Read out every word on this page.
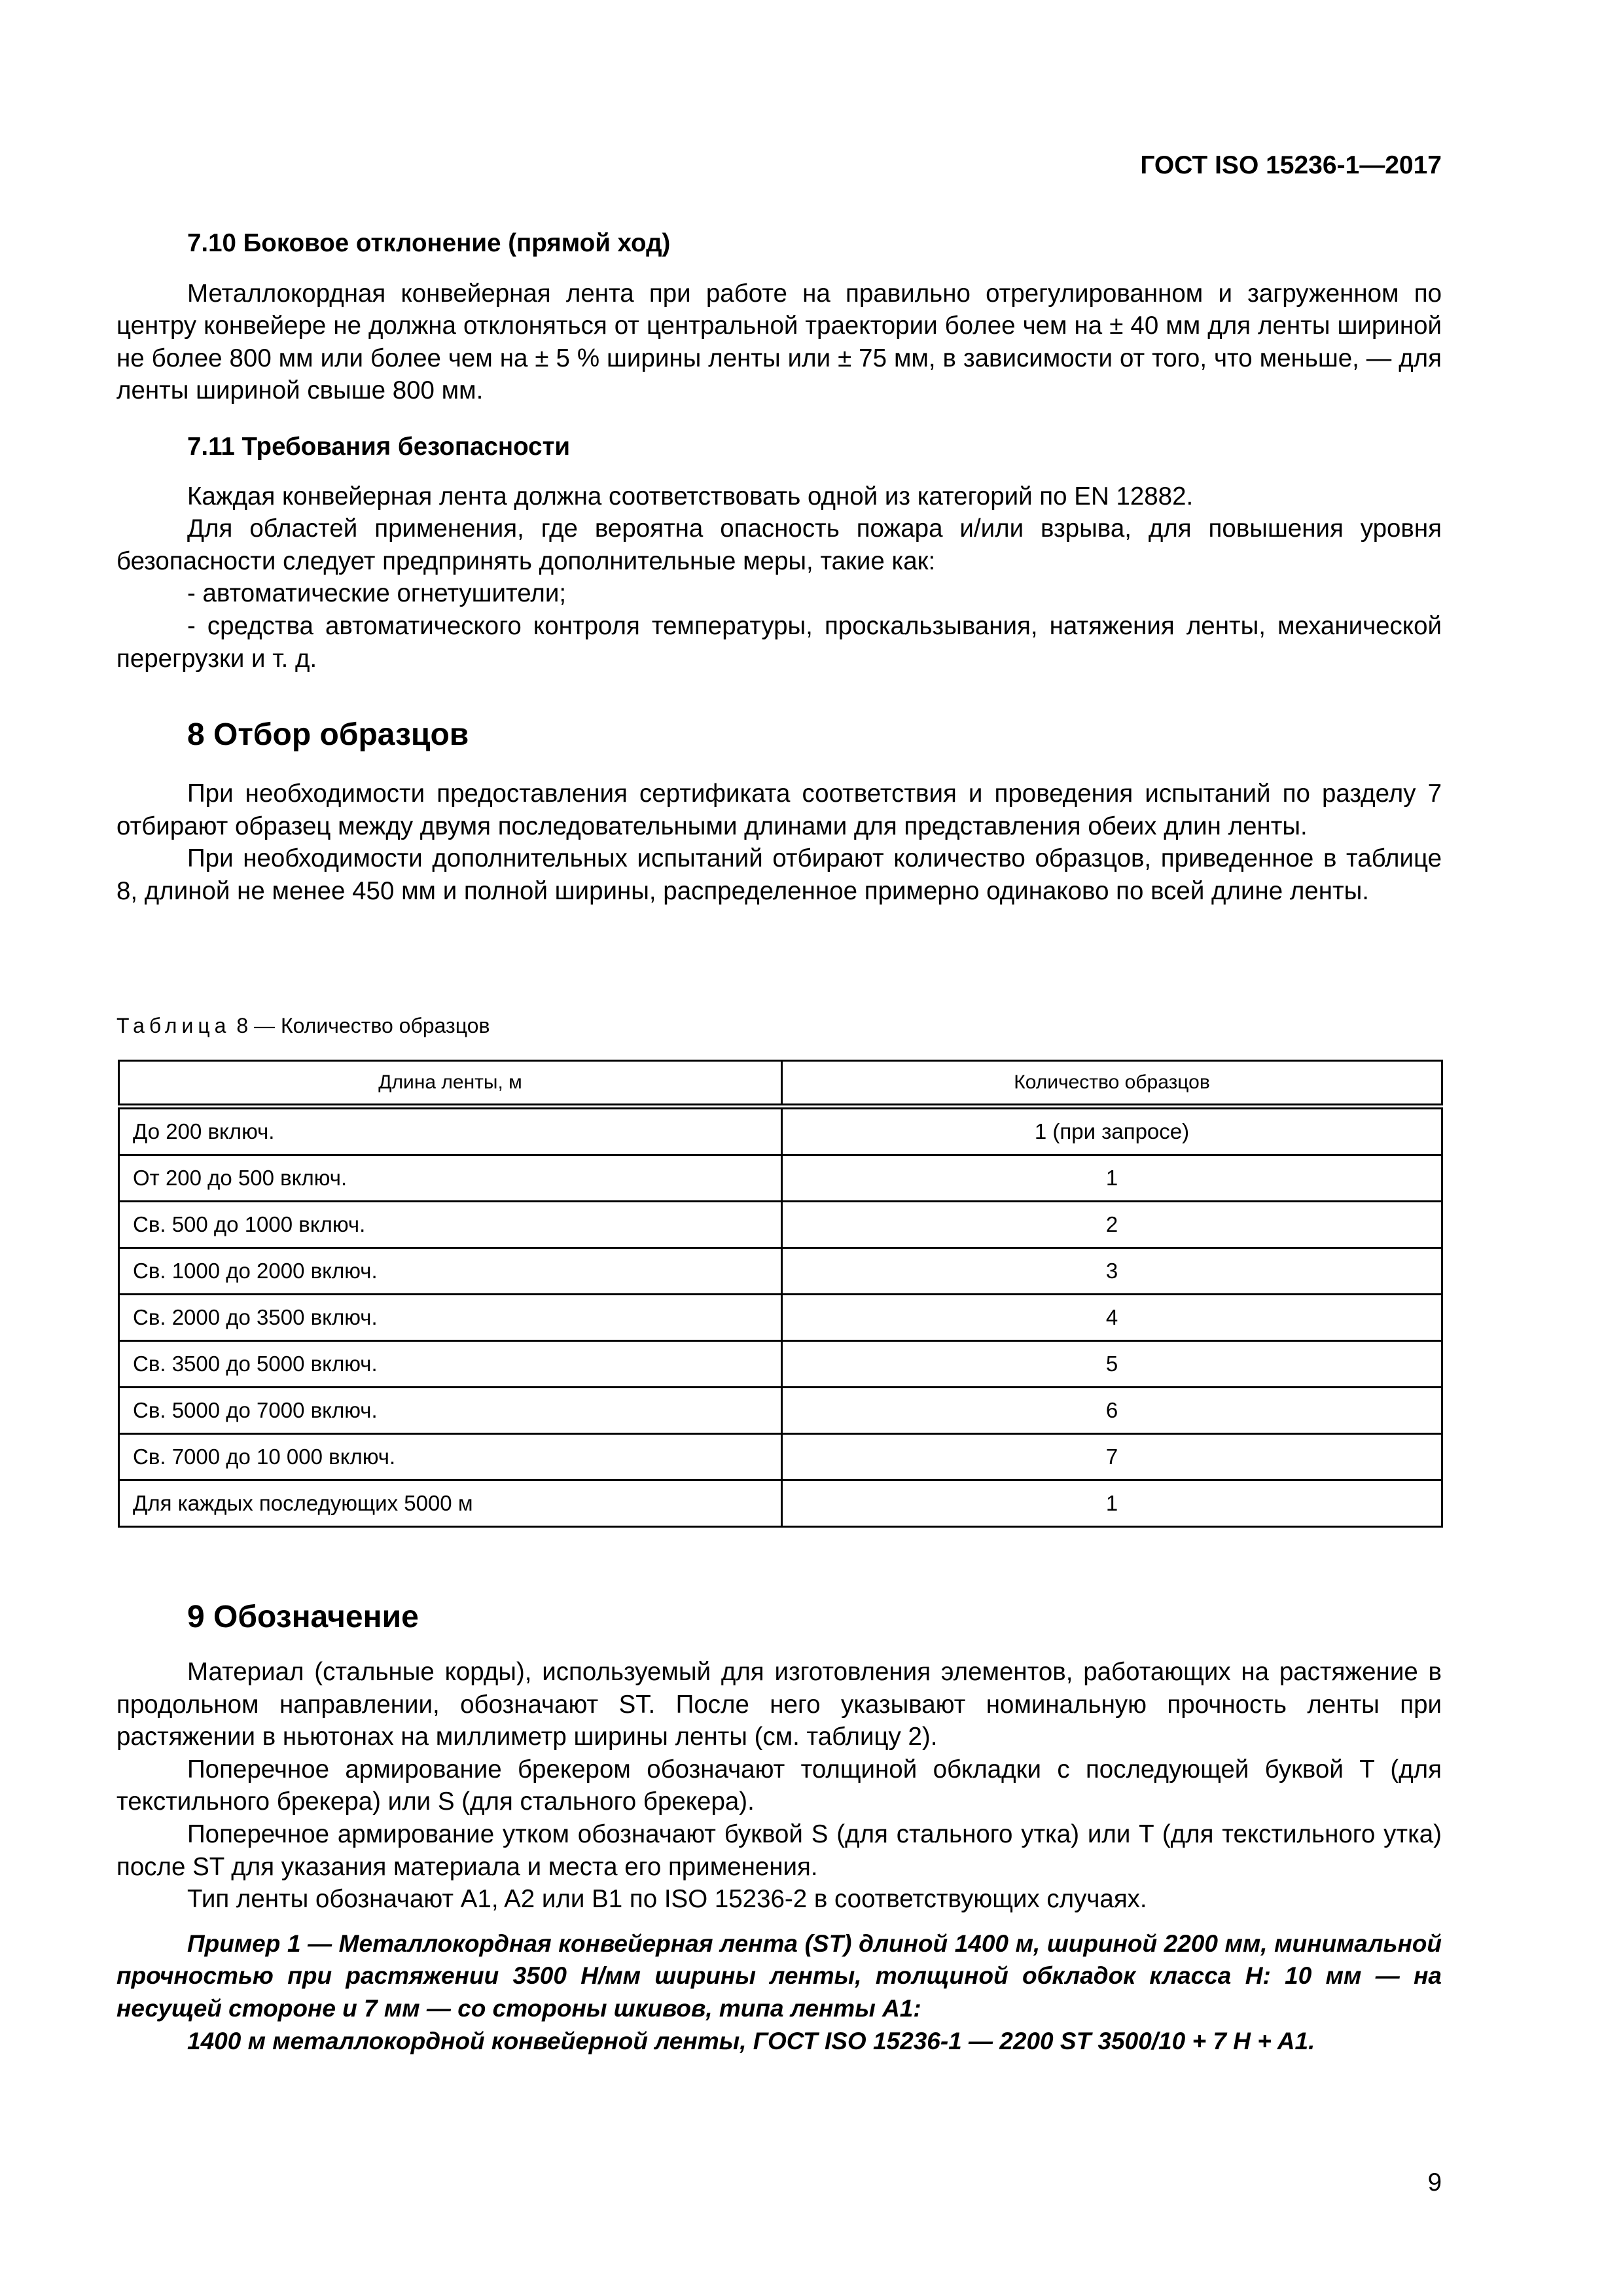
ГОСТ ISO 15236-1—2017
7.10 Боковое отклонение (прямой ход)

Металлокордная конвейерная лента при работе на правильно отрегулированном и загруженном по центру конвейере не должна отклоняться от центральной траектории более чем на ± 40 мм для ленты шириной не более 800 мм или более чем на ± 5 % ширины ленты или ± 75 мм, в зависимости от того, что меньше, — для ленты шириной свыше 800 мм.

7.11 Требования безопасности

Каждая конвейерная лента должна соответствовать одной из категорий по EN 12882.

Для областей применения, где вероятна опасность пожара и/или взрыва, для повышения уровня безопасности следует предпринять дополнительные меры, такие как:

- автоматические огнетушители;

- средства автоматического контроля температуры, проскальзывания, натяжения ленты, механической перегрузки и т. д.

8 Отбор образцов

При необходимости предоставления сертификата соответствия и проведения испытаний по разделу 7 отбирают образец между двумя последовательными длинами для представления обеих длин ленты.

При необходимости дополнительных испытаний отбирают количество образцов, приведенное в таблице 8, длиной не менее 450 мм и полной ширины, распределенное примерно одинаково по всей длине ленты.

Таблица 8 — Количество образцов
Длина ленты, м	Количество образцов
До 200 включ.	1 (при запросе)
От 200 до 500 включ.	1
Св. 500 до 1000 включ.	2
Св. 1000 до 2000 включ.	3
Св. 2000 до 3500 включ.	4
Св. 3500 до 5000 включ.	5
Св. 5000 до 7000 включ.	6
Св. 7000 до 10 000 включ.	7
Для каждых последующих 5000 м	1
9 Обозначение

Материал (стальные корды), используемый для изготовления элементов, работающих на растяжение в продольном направлении, обозначают ST. После него указывают номинальную прочность ленты при растяжении в ньютонах на миллиметр ширины ленты (см. таблицу 2).

Поперечное армирование брекером обозначают толщиной обкладки с последующей буквой T (для текстильного брекера) или S (для стального брекера).

Поперечное армирование утком обозначают буквой S (для стального утка) или T (для текстильного утка) после ST для указания материала и места его применения.

Тип ленты обозначают A1, A2 или B1 по ISO 15236-2 в соответствующих случаях.

Пример 1 — Металлокордная конвейерная лента (ST) длиной 1400 м, шириной 2200 мм, минимальной прочностью при растяжении 3500 Н/мм ширины ленты, толщиной обкладок класса H: 10 мм — на несущей стороне и 7 мм — со стороны шкивов, типа ленты A1:

1400 м металлокордной конвейерной ленты, ГОСТ ISO 15236-1 — 2200 ST 3500/10 + 7 H + A1.

9
